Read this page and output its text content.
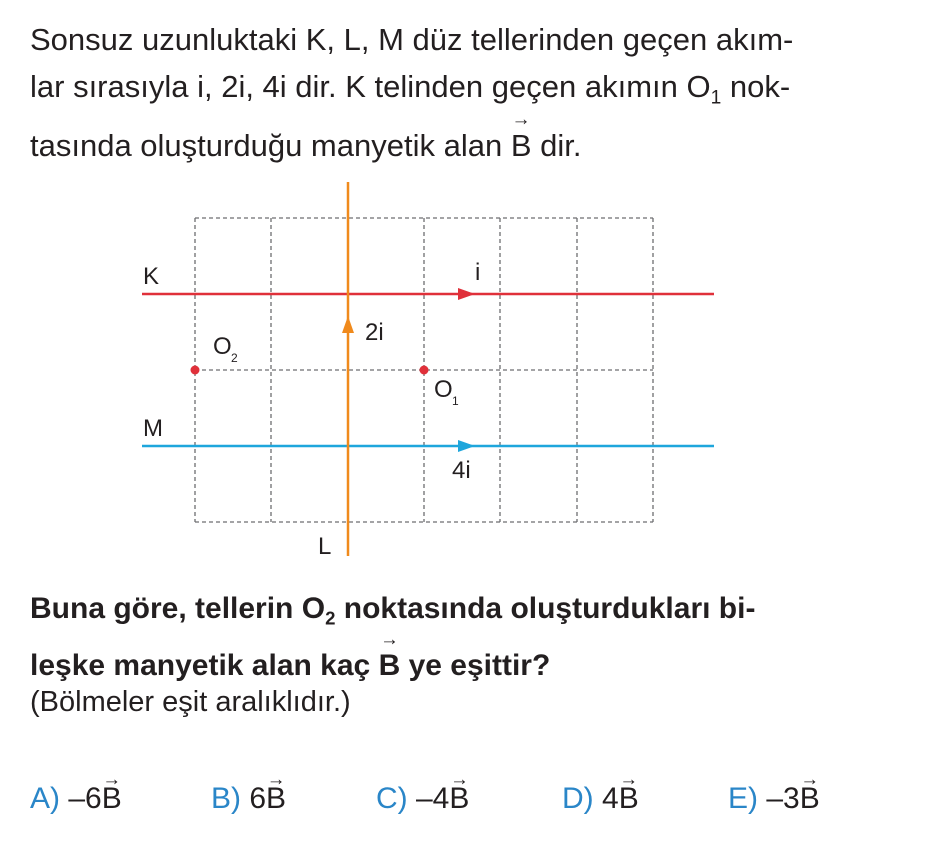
Sonsuz uzunluktaki K, L, M düz tellerinden geçen akım-

lar sırasıyla i, 2i, 4i dir. K telinden geçen akımın $O_1$ nok-

tasında oluşturduğu manyetik alan → B dir.

K
M
L
i
2i
4i
O 2
O 1

Buna göre, tellerin $O_2$ noktasında oluşturdukları bi-

leşke manyetik alan kaç → B ye eşittir?

(Bölmeler eşit aralıklıdır.)
A) –6→ B	B) 6→ B	C) –4→ B	D) 4→ B	E) –3→ B
